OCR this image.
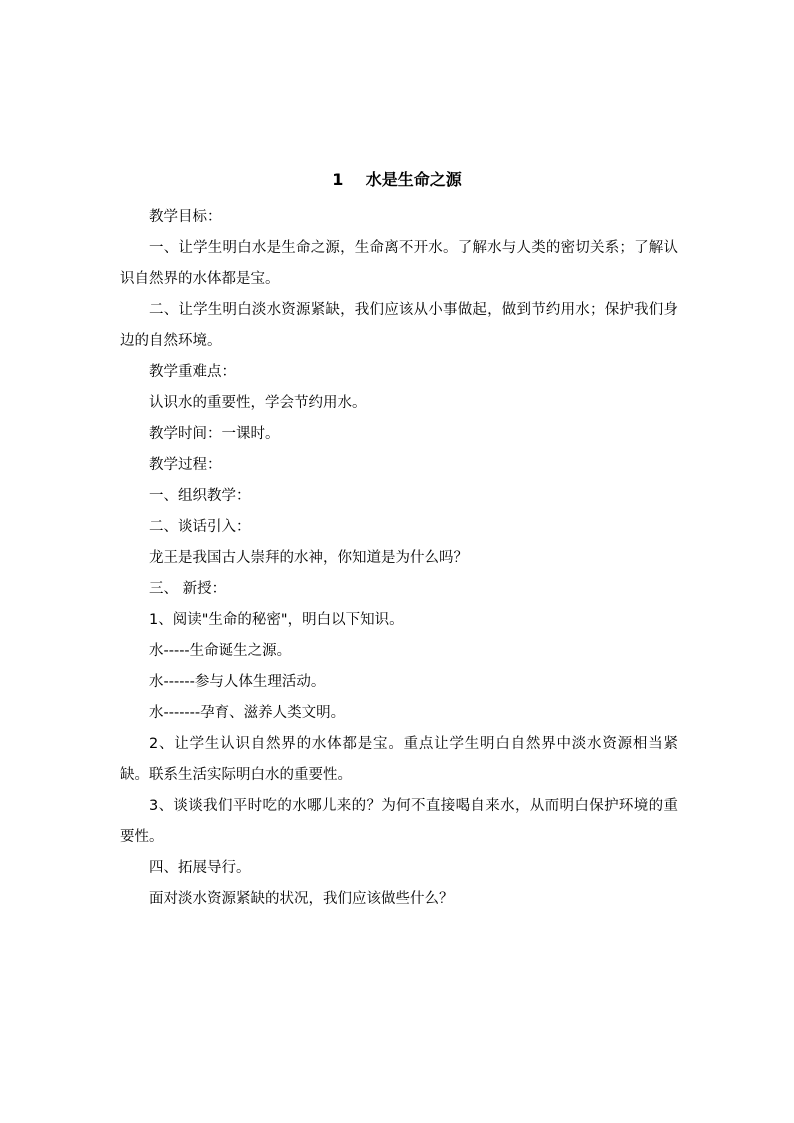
1    水是生命之源

教学目标：

一、让学生明白水是生命之源，生命离不开水。了解水与人类的密切关系；了解认识自然界的水体都是宝。

二、让学生明白淡水资源紧缺，我们应该从小事做起，做到节约用水；保护我们身边的自然环境。

教学重难点：

认识水的重要性，学会节约用水。

教学时间：一课时。

教学过程：

一、组织教学：

二、谈话引入：

龙王是我国古人崇拜的水神，你知道是为什么吗？

三、 新授：

1、阅读"生命的秘密"，明白以下知识。

水-----生命诞生之源。

水------参与人体生理活动。

水-------孕育、滋养人类文明。

2、让学生认识自然界的水体都是宝。重点让学生明白自然界中淡水资源相当紧缺。联系生活实际明白水的重要性。

3、谈谈我们平时吃的水哪儿来的？为何不直接喝自来水，从而明白保护环境的重要性。

四、拓展导行。

面对淡水资源紧缺的状况，我们应该做些什么？
